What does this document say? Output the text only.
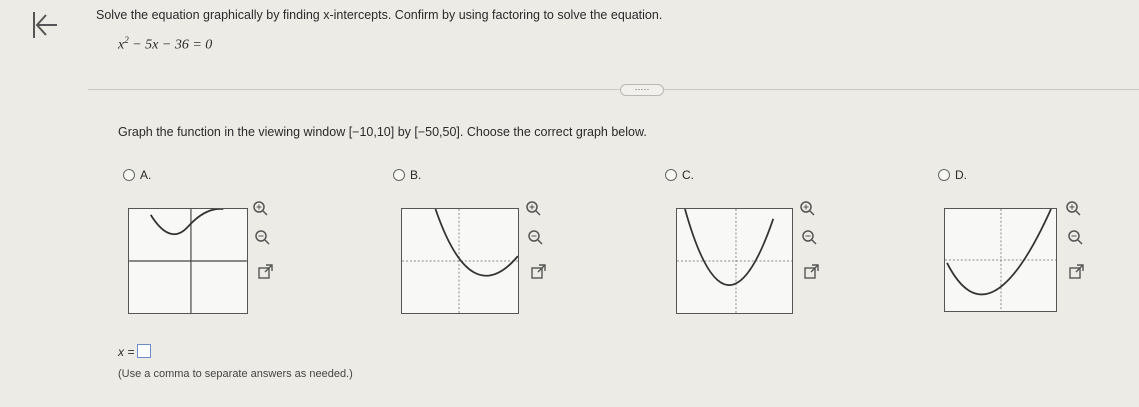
Solve the equation graphically by finding x-intercepts. Confirm by using factoring to solve the equation.
$x^2 - 5x - 36 = 0$
·····
Graph the function in the viewing window [−10,10] by [−50,50]. Choose the correct graph below.
A.	B.	C.	D.
x =
(Use a comma to separate answers as needed.)
